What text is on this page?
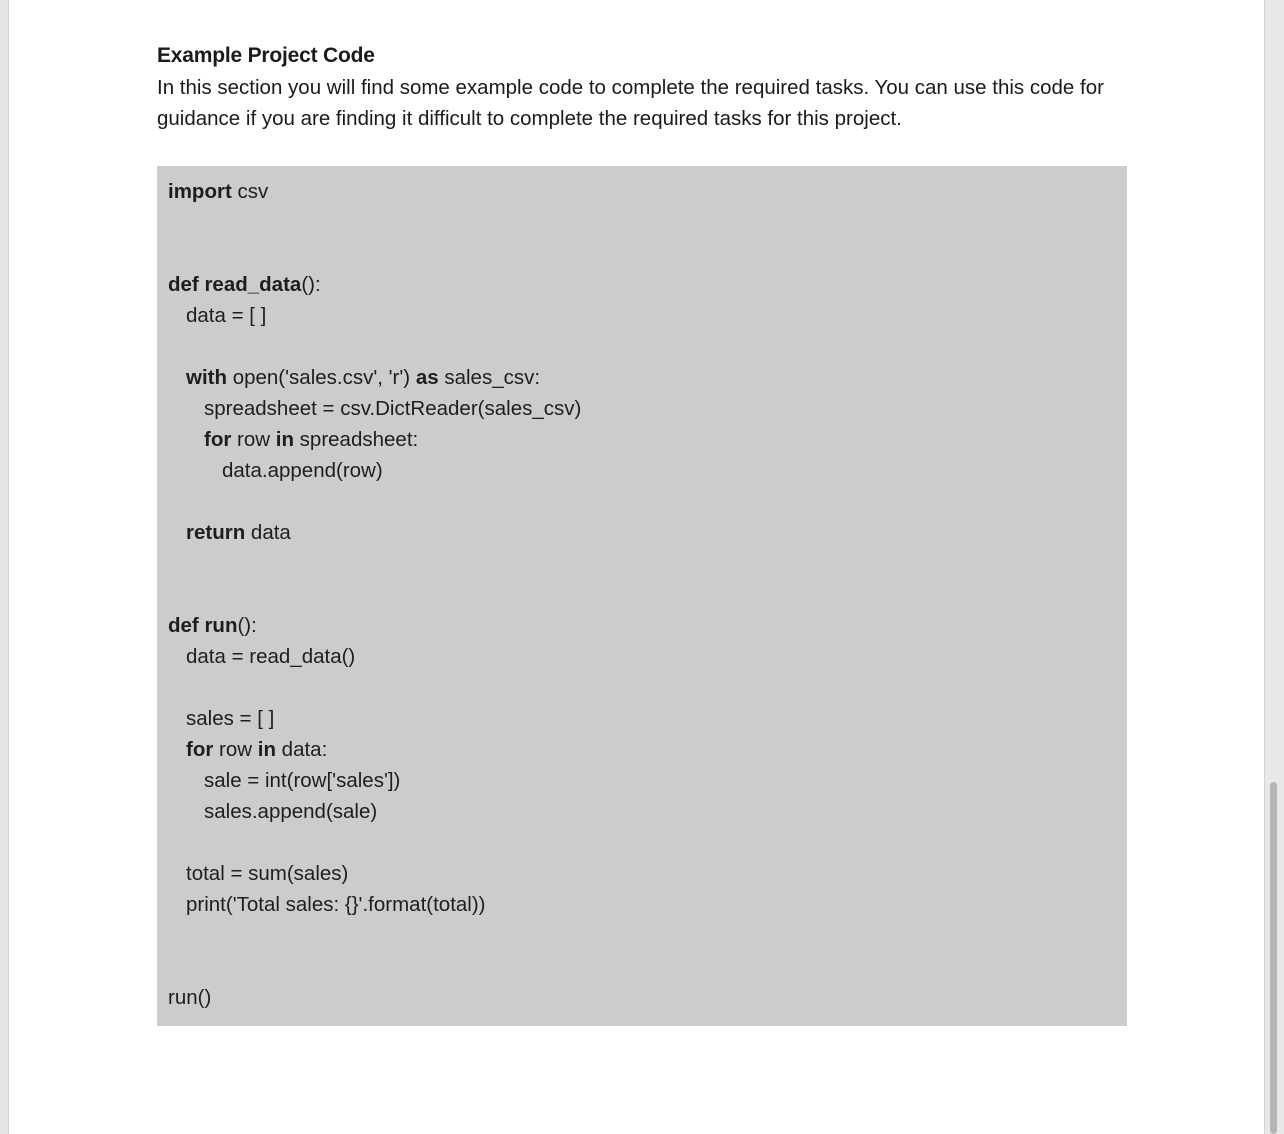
Example Project Code

In this section you will find some example code to complete the required tasks. You can use this code for guidance if you are finding it difficult to complete the required tasks for this project.

import csv
def read_data():
data = [ ]
with open('sales.csv', 'r') as sales_csv:
spreadsheet = csv.DictReader(sales_csv)
for row in spreadsheet:
data.append(row)
return data
def run():
data = read_data()
sales = [ ]
for row in data:
sale = int(row['sales'])
sales.append(sale)
total = sum(sales)
print('Total sales: {}'.format(total))
run()
